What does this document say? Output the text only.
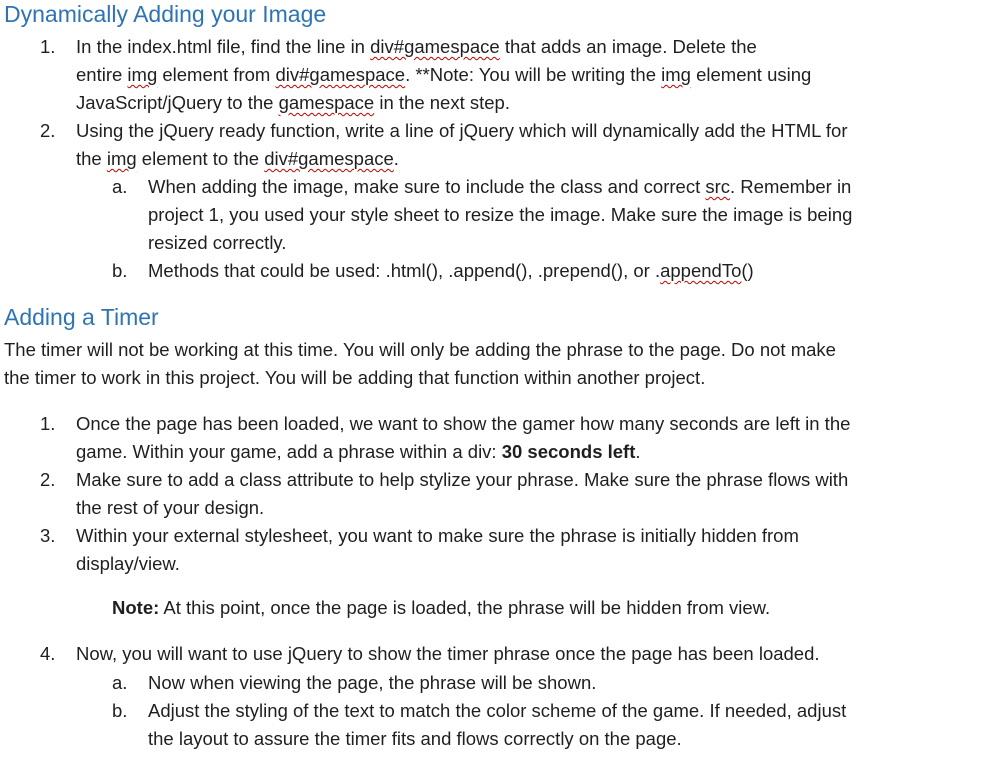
Dynamically Adding your Image
1. In the index.html file, find the line in div#gamespace that adds an image. Delete the
entire img element from div#gamespace. **Note: You will be writing the img element using
JavaScript/jQuery to the gamespace in the next step.
2. Using the jQuery ready function, write a line of jQuery which will dynamically add the HTML for
the img element to the div#gamespace.
a. When adding the image, make sure to include the class and correct src. Remember in
project 1, you used your style sheet to resize the image. Make sure the image is being
resized correctly.
b. Methods that could be used: .html(), .append(), .prepend(), or .appendTo()
Adding a Timer
The timer will not be working at this time. You will only be adding the phrase to the page. Do not make
the timer to work in this project. You will be adding that function within another project.
1. Once the page has been loaded, we want to show the gamer how many seconds are left in the
game. Within your game, add a phrase within a div: 30 seconds left.
2. Make sure to add a class attribute to help stylize your phrase. Make sure the phrase flows with
the rest of your design.
3. Within your external stylesheet, you want to make sure the phrase is initially hidden from
display/view.
Note: At this point, once the page is loaded, the phrase will be hidden from view.
4. Now, you will want to use jQuery to show the timer phrase once the page has been loaded.
a. Now when viewing the page, the phrase will be shown.
b. Adjust the styling of the text to match the color scheme of the game. If needed, adjust
the layout to assure the timer fits and flows correctly on the page.
